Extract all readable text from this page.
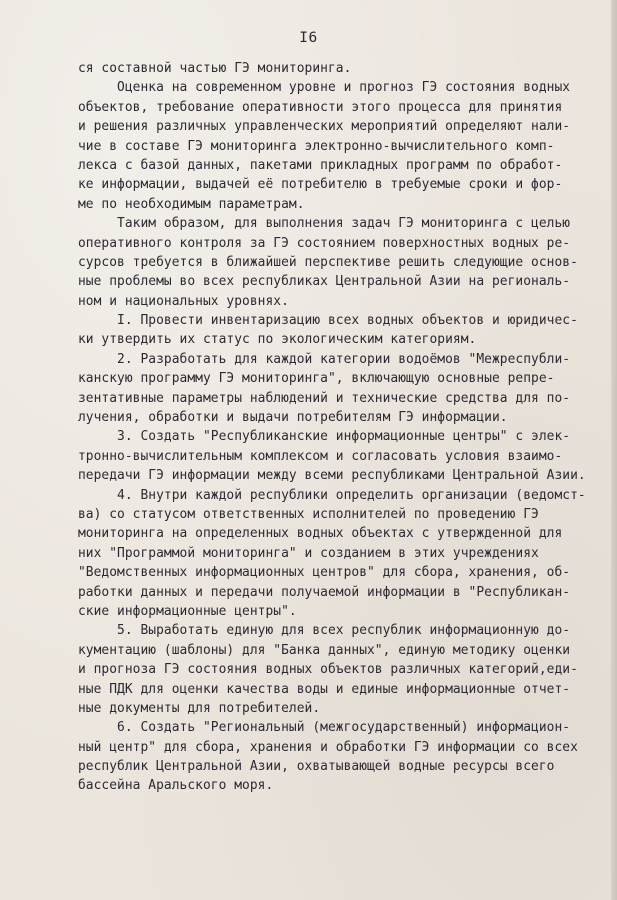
I6
ся составной частью ГЭ мониторинга.
Оценка на современном уровне и прогноз ГЭ состояния водных
объектов, требование оперативности этого процесса для принятия
и решения различных управленческих мероприятий определяют нали-
чие в составе ГЭ мониторинга электронно-вычислительного комп-
лекса с базой данных, пакетами прикладных программ по обработ-
ке информации, выдачей её потребителю в требуемые сроки и фор-
ме по необходимым параметрам.
Таким образом, для выполнения задач ГЭ мониторинга с целью
оперативного контроля за ГЭ состоянием поверхностных водных ре-
сурсов требуется в ближайшей перспективе решить следующие основ-
ные проблемы во всех республиках Центральной Азии на региональ-
ном и национальных уровнях.
I. Провести инвентаризацию всех водных объектов и юридичес-
ки утвердить их статус по экологическим категориям.
2. Разработать для каждой категории водоёмов "Межреспубли-
канскую программу ГЭ мониторинга", включающую основные репре-
зентативные параметры наблюдений и технические средства для по-
лучения, обработки и выдачи потребителям ГЭ информации.
3. Создать "Республиканские информационные центры" с элек-
тронно-вычислительным комплексом и согласовать условия взаимо-
передачи ГЭ информации между всеми республиками Центральной Азии.
4. Внутри каждой республики определить организации (ведомст-
ва) со статусом ответственных исполнителей по проведению ГЭ
мониторинга на определенных водных объектах с утвержденной для
них "Программой мониторинга" и созданием в этих учреждениях
"Ведомственных информационных центров" для сбора, хранения, об-
работки данных и передачи получаемой информации в "Республикан-
ские информационные центры".
5. Выработать единую для всех республик информационную до-
кументацию (шаблоны) для "Банка данных", единую методику оценки
и прогноза ГЭ состояния водных объектов различных категорий,еди-
ные ПДК для оценки качества воды и единые информационные отчет-
ные документы для потребителей.
6. Создать "Региональный (межгосударственный) информацион-
ный центр" для сбора, хранения и обработки ГЭ информации со всех
республик Центральной Азии, охватывающей водные ресурсы всего
бассейна Аральского моря.
